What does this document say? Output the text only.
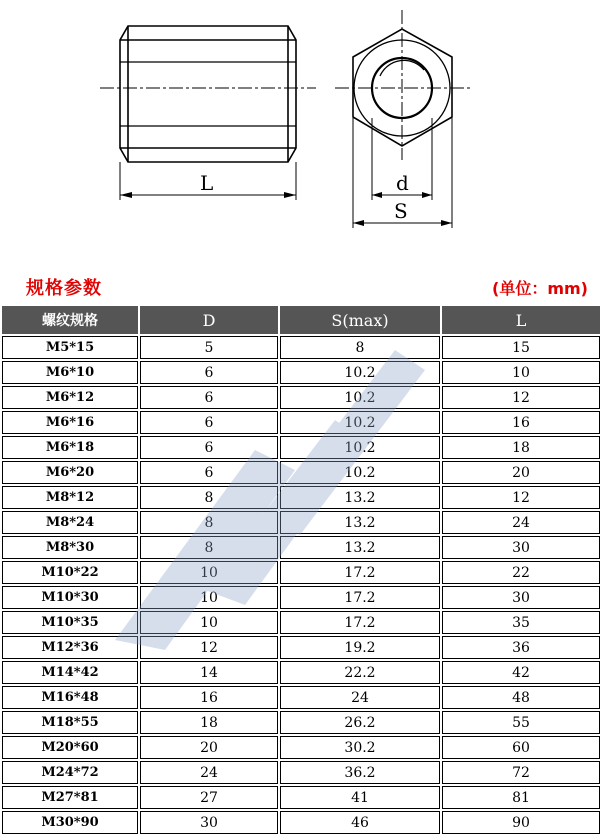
L	d
S
规格参数	(单位：mm)
螺纹规格	D	S(max)	L
M5*15	5	8	15
M6*10	6	10.2	10
M6*12	6	10.2	12
M6*16	6	10.2	16
M6*18	6	10.2	18
M6*20	6	10.2	20
M8*12	8	13.2	12
M8*24	8	13.2	24
M8*30	8	13.2	30
M10*22	10	17.2	22
M10*30	10	17.2	30
M10*35	10	17.2	35
M12*36	12	19.2	36
M14*42	14	22.2	42
M16*48	16	24	48
M18*55	18	26.2	55
M20*60	20	30.2	60
M24*72	24	36.2	72
M27*81	27	41	81
M30*90	30	46	90
